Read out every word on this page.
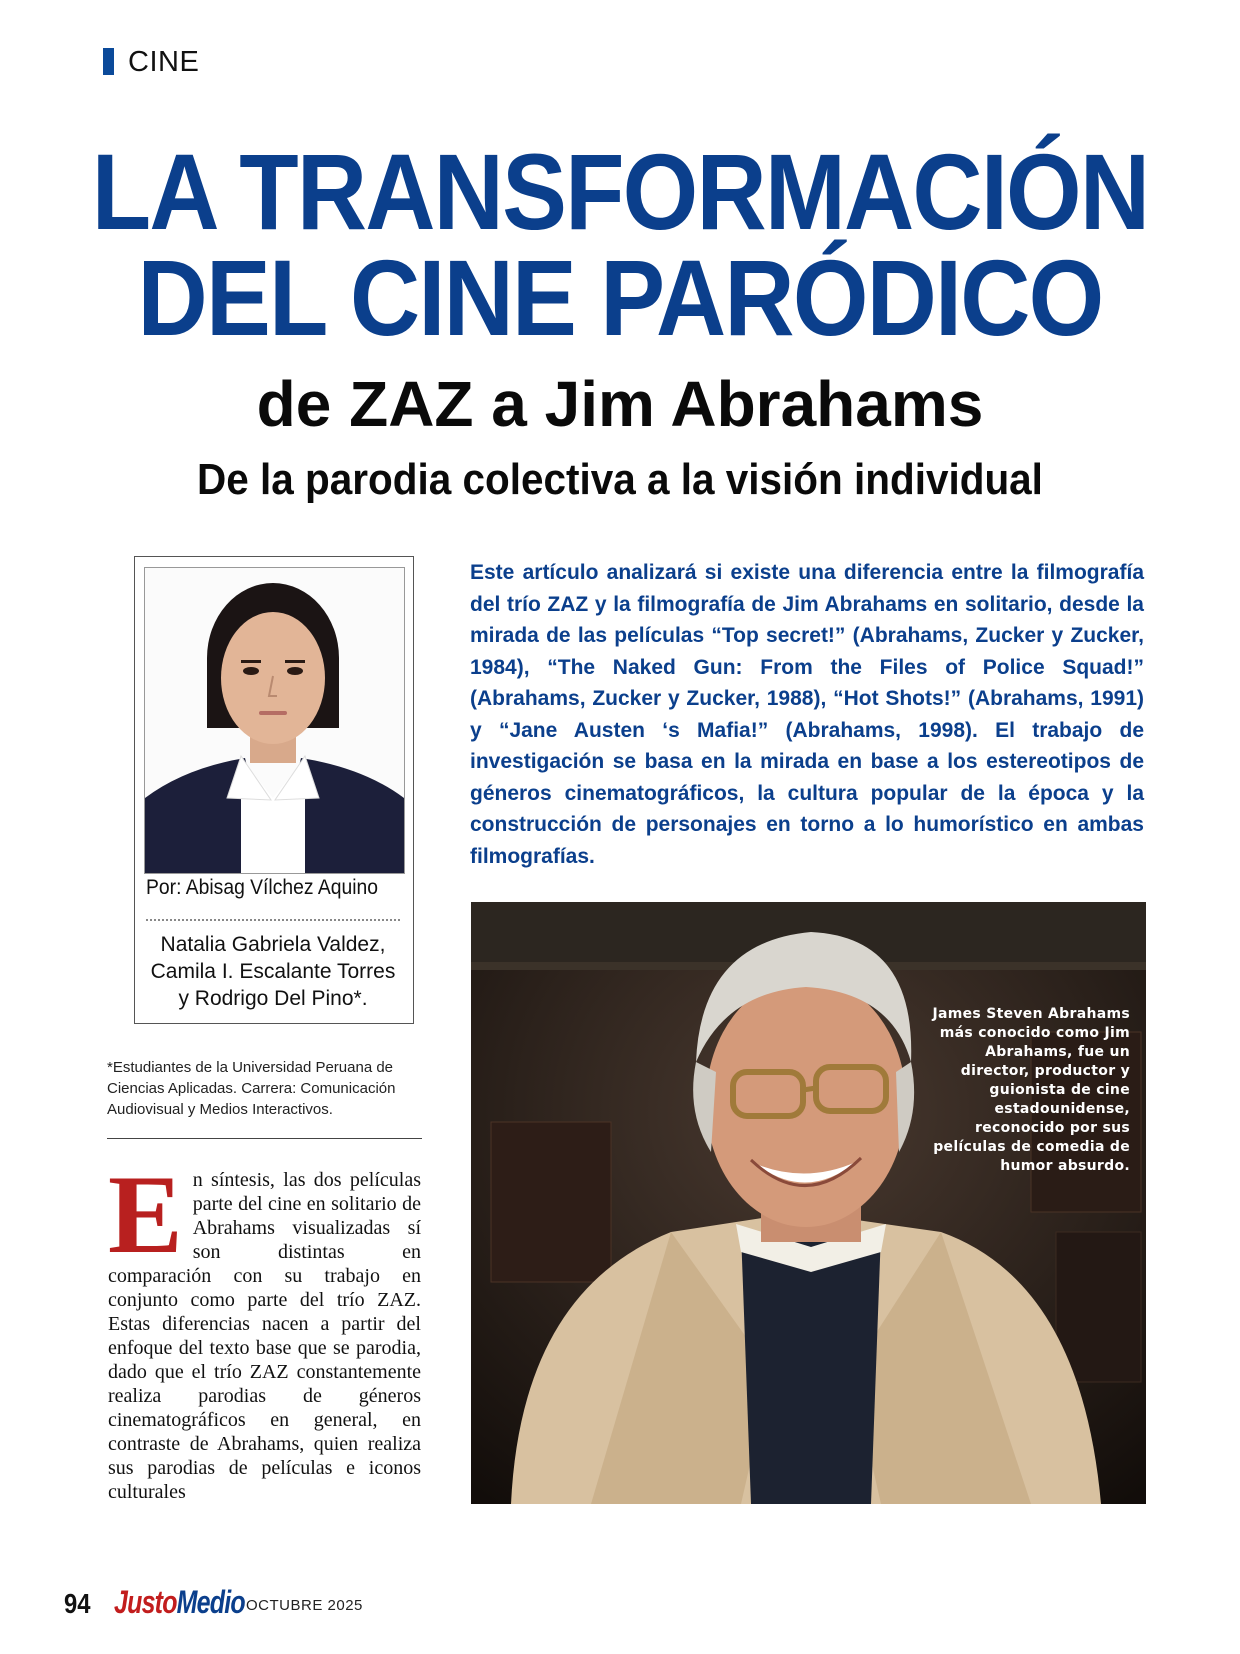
CINE
LA TRANSFORMACIÓN
DEL CINE PARÓDICO
de ZAZ a Jim Abrahams
De la parodia colectiva a la visión individual
Por: Abisag Vílchez Aquino
Natalia Gabriela Valdez,
Camila I. Escalante Torres
y Rodrigo Del Pino*.
*Estudiantes de la Universidad Peruana de Ciencias Aplicadas. Carrera: Comunicación Audiovisual y Medios Interactivos.
Este artículo analizará si existe una diferencia entre la filmografía del trío ZAZ y la filmografía de Jim Abrahams en solitario, desde la mirada de las películas “Top secret!” (Abrahams, Zucker y Zucker, 1984), “The Naked Gun: From the Files of Police Squad!” (Abrahams, Zucker y Zucker, 1988), “Hot Shots!” (Abrahams, 1991) y “Jane Austen ‘s Mafia!” (Abrahams, 1998). El trabajo de investigación se basa en la mirada en base a los estereotipos de géneros cinematográficos, la cultura popular de la época y la construcción de personajes en torno a lo humorístico en ambas filmografías.
En síntesis, las dos películas parte del cine en solitario de Abrahams visualizadas sí son distintas en comparación con su trabajo en conjunto como parte del trío ZAZ. Estas diferencias nacen a partir del enfoque del texto base que se parodia, dado que el trío ZAZ constantemente realiza parodias de géneros cinematográficos en general, en contraste de Abrahams, quien realiza sus parodias de películas e iconos culturales
James Steven Abrahams más conocido como Jim Abrahams, fue un director, productor y guionista de cine estadounidense, reconocido por sus películas de comedia de humor absurdo.
94 JustoMedio OCTUBRE 2025
